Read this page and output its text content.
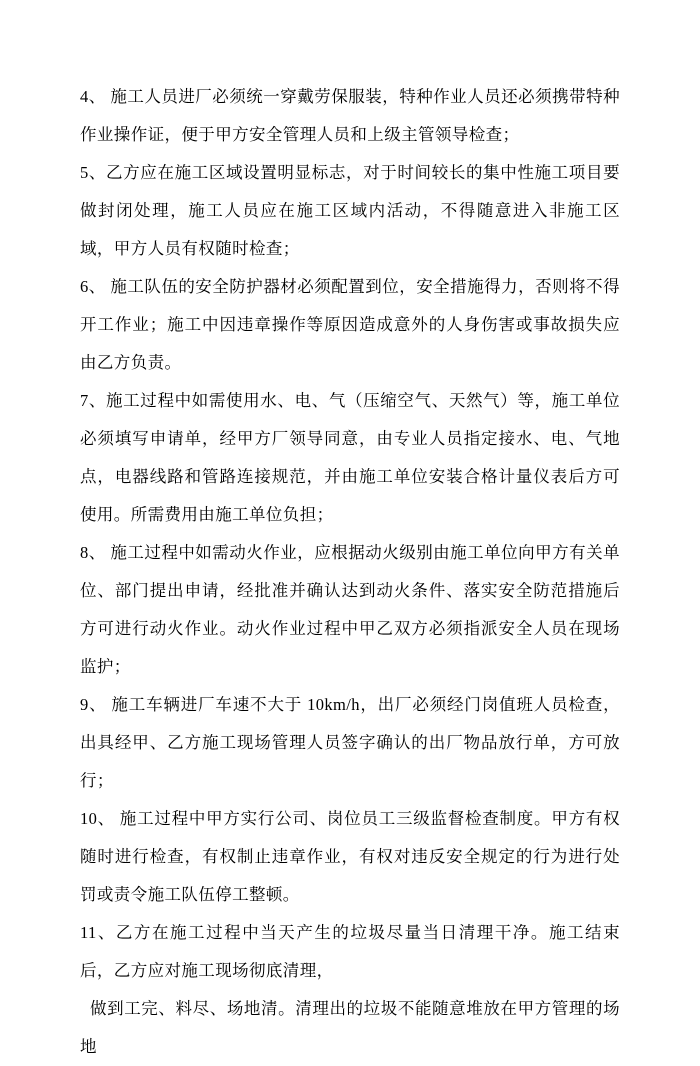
4、 施工人员进厂必须统一穿戴劳保服装，特种作业人员还必须携带特种作业操作证，便于甲方安全管理人员和上级主管领导检查；

5、乙方应在施工区域设置明显标志，对于时间较长的集中性施工项目要做封闭处理，施工人员应在施工区域内活动，不得随意进入非施工区域，甲方人员有权随时检查；

6、 施工队伍的安全防护器材必须配置到位，安全措施得力，否则将不得开工作业；施工中因违章操作等原因造成意外的人身伤害或事故损失应由乙方负责。

7、施工过程中如需使用水、电、气（压缩空气、天然气）等，施工单位必须填写申请单，经甲方厂领导同意，由专业人员指定接水、电、气地点，电器线路和管路连接规范，并由施工单位安装合格计量仪表后方可使用。所需费用由施工单位负担；

8、 施工过程中如需动火作业，应根据动火级别由施工单位向甲方有关单位、部门提出申请，经批准并确认达到动火条件、落实安全防范措施后方可进行动火作业。动火作业过程中甲乙双方必须指派安全人员在现场监护；

9、 施工车辆进厂车速不大于 10km/h，出厂必须经门岗值班人员检查，出具经甲、乙方施工现场管理人员签字确认的出厂物品放行单，方可放行；

10、 施工过程中甲方实行公司、岗位员工三级监督检查制度。甲方有权随时进行检查，有权制止违章作业，有权对违反安全规定的行为进行处罚或责令施工队伍停工整顿。

11、乙方在施工过程中当天产生的垃圾尽量当日清理干净。施工结束后，乙方应对施工现场彻底清理，

做到工完、料尽、场地清。清理出的垃圾不能随意堆放在甲方管理的场地
